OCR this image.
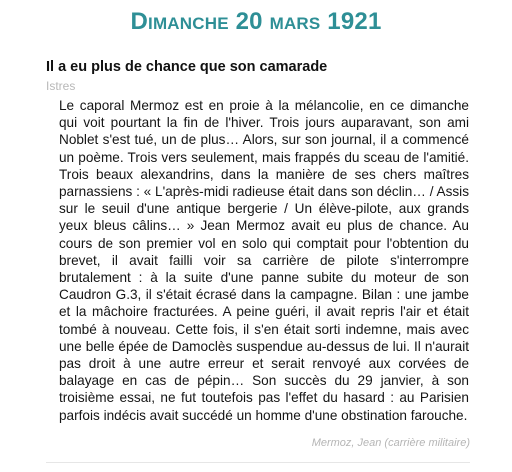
Dimanche 20 mars 1921
Il a eu plus de chance que son camarade
Istres

Le caporal Mermoz est en proie à la mélancolie, en ce dimanche qui voit pourtant la fin de l'hiver. Trois jours auparavant, son ami Noblet s'est tué, un de plus… Alors, sur son journal, il a commencé un poème. Trois vers seulement, mais frappés du sceau de l'amitié. Trois beaux alexandrins, dans la manière de ses chers maîtres parnassiens : « L'après-midi radieuse était dans son déclin… / Assis sur le seuil d'une antique bergerie / Un élève-pilote, aux grands yeux bleus câlins… » Jean Mermoz avait eu plus de chance. Au cours de son premier vol en solo qui comptait pour l'obtention du brevet, il avait failli voir sa carrière de pilote s'interrompre brutalement : à la suite d'une panne subite du moteur de son Caudron G.3, il s'était écrasé dans la campagne. Bilan : une jambe et la mâchoire fracturées. A peine guéri, il avait repris l'air et était tombé à nouveau. Cette fois, il s'en était sorti indemne, mais avec une belle épée de Damoclès suspendue au-dessus de lui. Il n'aurait pas droit à une autre erreur et serait renvoyé aux corvées de balayage en cas de pépin… Son succès du 29 janvier, à son troisième essai, ne fut toutefois pas l'effet du hasard : au Parisien parfois indécis avait succédé un homme d'une obstination farouche.

Mermoz, Jean (carrière militaire)
